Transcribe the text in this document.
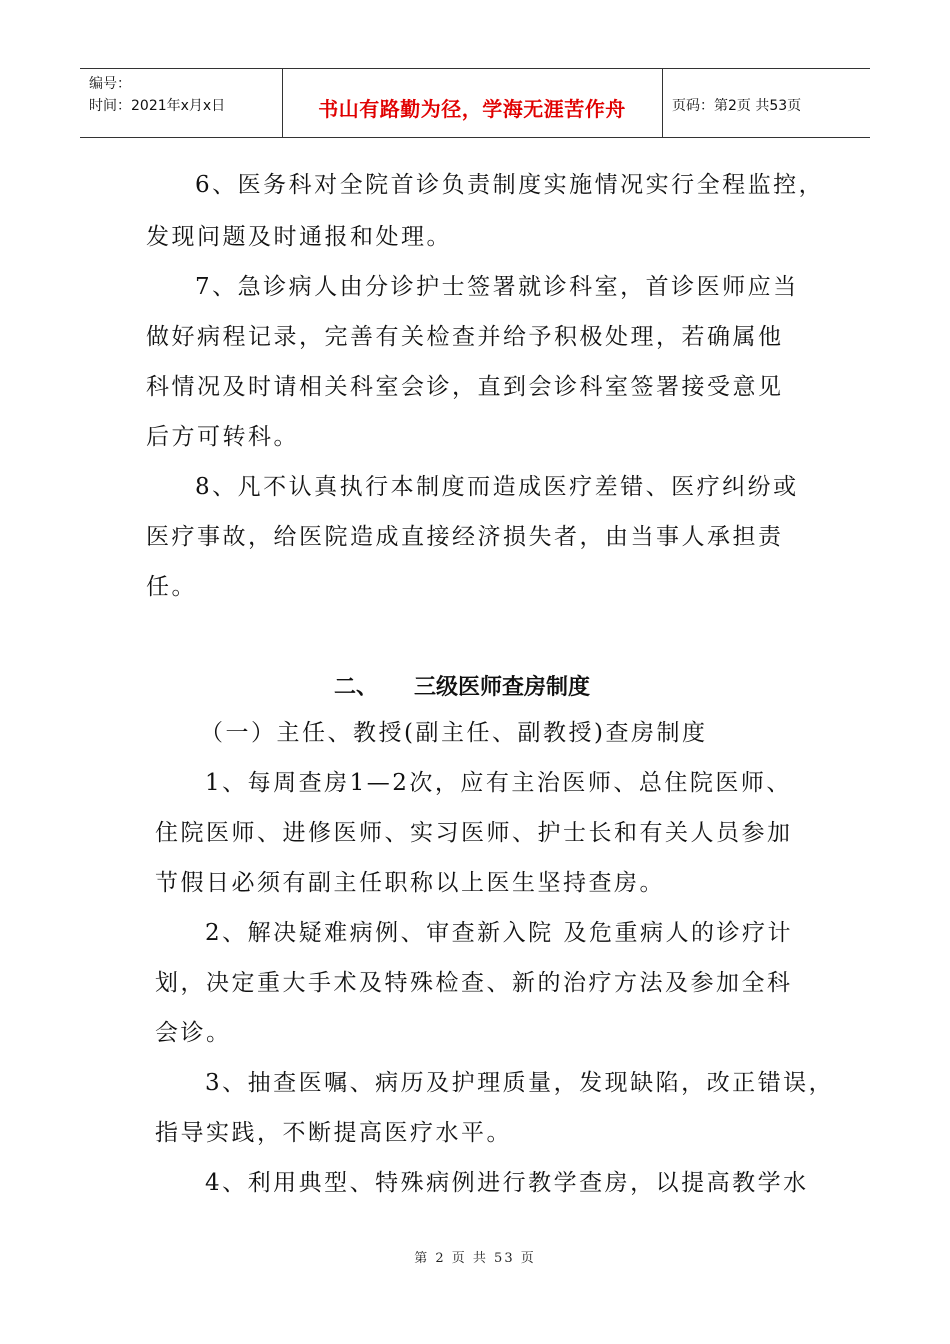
编号：
时间：2021年x月x日	书山有路勤为径，学海无涯苦作舟	页码：第2页 共53页
6、医务科对全院首诊负责制度实施情况实行全程监控，
发现问题及时通报和处理。
7、急诊病人由分诊护士签署就诊科室，首诊医师应当
做好病程记录，完善有关检查并给予积极处理，若确属他
科情况及时请相关科室会诊，直到会诊科室签署接受意见
后方可转科。
8、凡不认真执行本制度而造成医疗差错、医疗纠纷或
医疗事故，给医院造成直接经济损失者，由当事人承担责
任。
二、 三级医师查房制度
（一）主任、教授(副主任、副教授)查房制度
1、每周查房1—2次，应有主治医师、总住院医师、
住院医师、进修医师、实习医师、护士长和有关人员参加
节假日必须有副主任职称以上医生坚持查房。
2、解决疑难病例、审查新入院 及危重病人的诊疗计
划，决定重大手术及特殊检查、新的治疗方法及参加全科
会诊。
3、抽查医嘱、病历及护理质量，发现缺陷，改正错误，
指导实践，不断提高医疗水平。
4、利用典型、特殊病例进行教学查房，以提高教学水
第 2 页 共 53 页
